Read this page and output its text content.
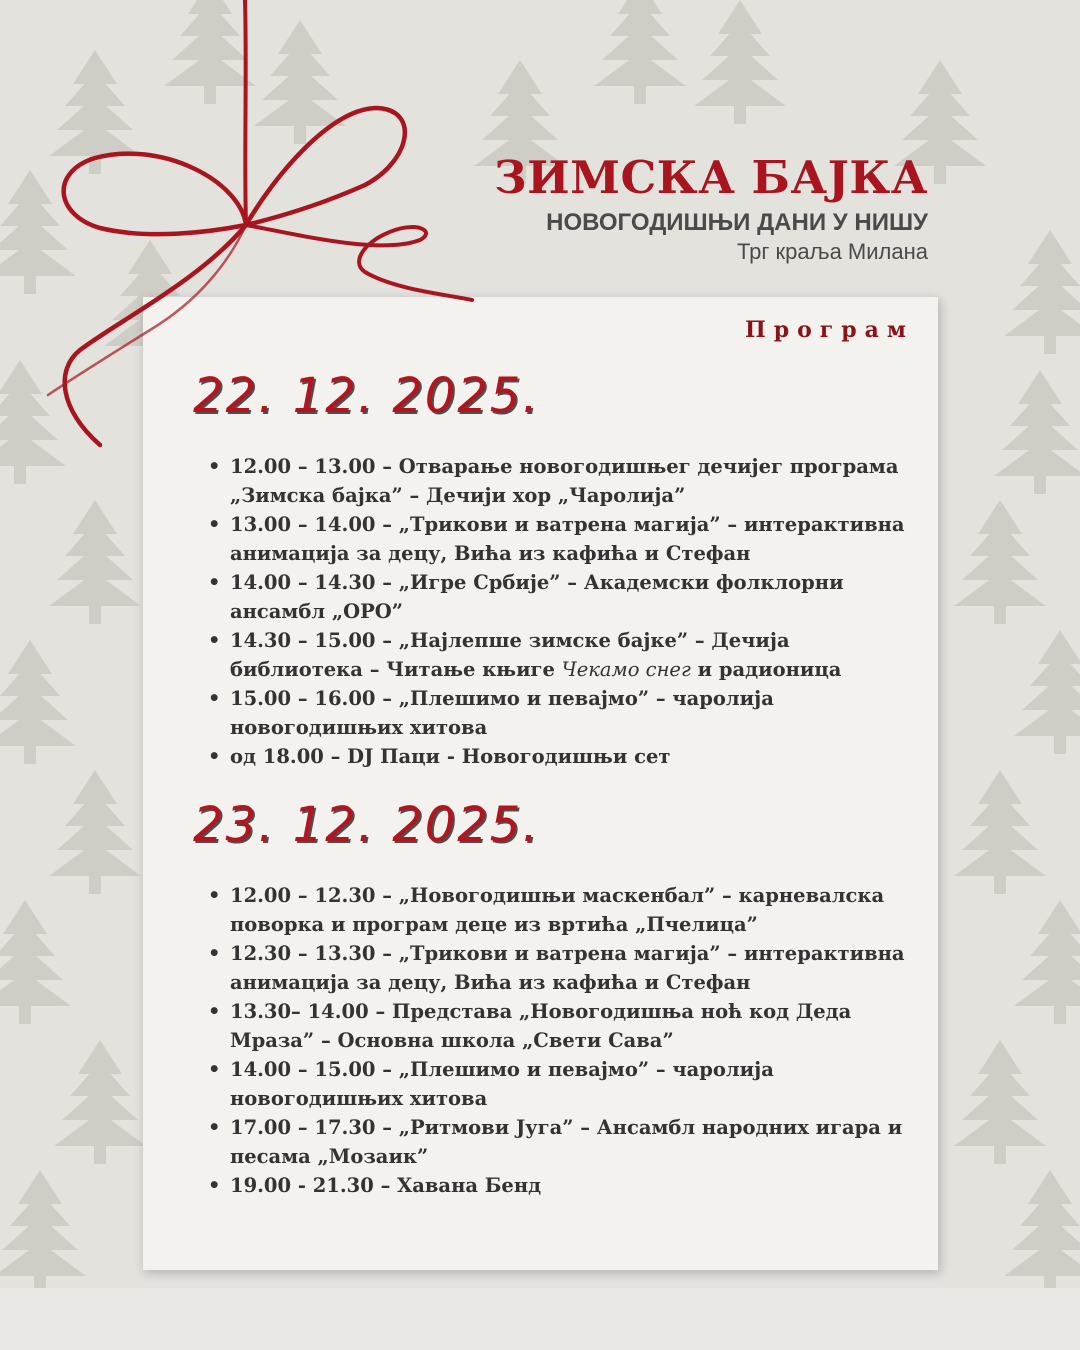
ЗИМСКА БАЈКА
НОВОГОДИШЊИ ДАНИ У НИШУ
Трг краља Милана
Програм
22. 12. 2025.
• 12.00 – 13.00 – Отварање новогодишњег дечијег програма „Зимска бајка” – Дечији хор „Чаролија”
• 13.00 – 14.00 – „Трикови и ватрена магија” – интерактивна анимација за децу, Вића из кафића и Стефан
• 14.00 – 14.30 – „Игре Србије” – Академски фолклорни ансамбл „ОРО”
• 14.30 – 15.00 – „Најлепше зимске бајке” – Дечија библиотека – Читање књиге Чекамо снег и радионица
• 15.00 – 16.00 – „Плешимо и певајмо” – чаролија новогодишњих хитова
• од 18.00 – DJ Паци - Новогодишњи сет
23. 12. 2025.
• 12.00 – 12.30 – „Новогодишњи маскенбал” – карневалска поворка и програм деце из вртића „Пчелица”
• 12.30 – 13.30 – „Трикови и ватрена магија” – интерактивна анимација за децу, Вића из кафића и Стефан
• 13.30– 14.00 – Представа „Новогодишња ноћ код Деда Мраза” – Основна школа „Свети Сава”
• 14.00 – 15.00 – „Плешимо и певајмо” – чаролија новогодишњих хитова
• 17.00 – 17.30 – „Ритмови Југа” – Ансамбл народних игара и песама „Мозаик”
• 19.00 - 21.30 – Хавана Бенд
